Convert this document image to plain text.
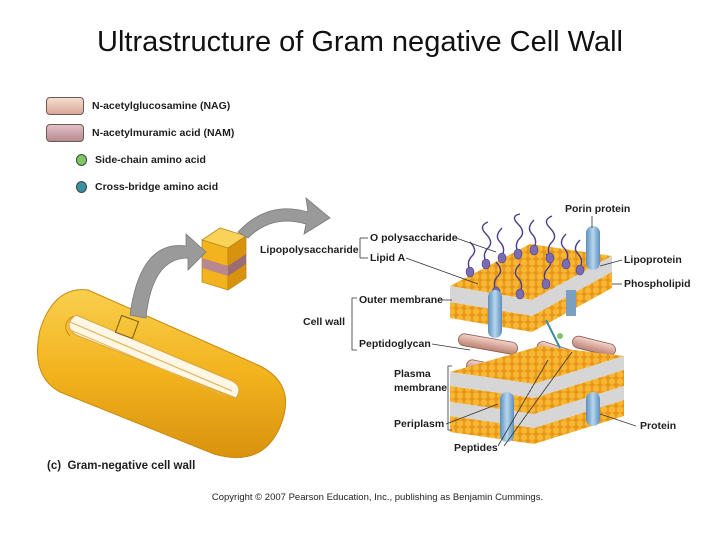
Ultrastructure of Gram negative Cell Wall
N-acetylglucosamine (NAG)
N-acetylmuramic acid (NAM)
Side-chain amino acid
Cross-bridge amino acid
Lipopolysaccharide
O polysaccharide
Lipid A
Porin protein
Lipoprotein
Phospholipid
Outer membrane
Cell wall
Peptidoglycan
Plasma
membrane
Periplasm	Protein
Peptides
(c) Gram-negative cell wall
Copyright © 2007 Pearson Education, Inc., publishing as Benjamin Cummings.
